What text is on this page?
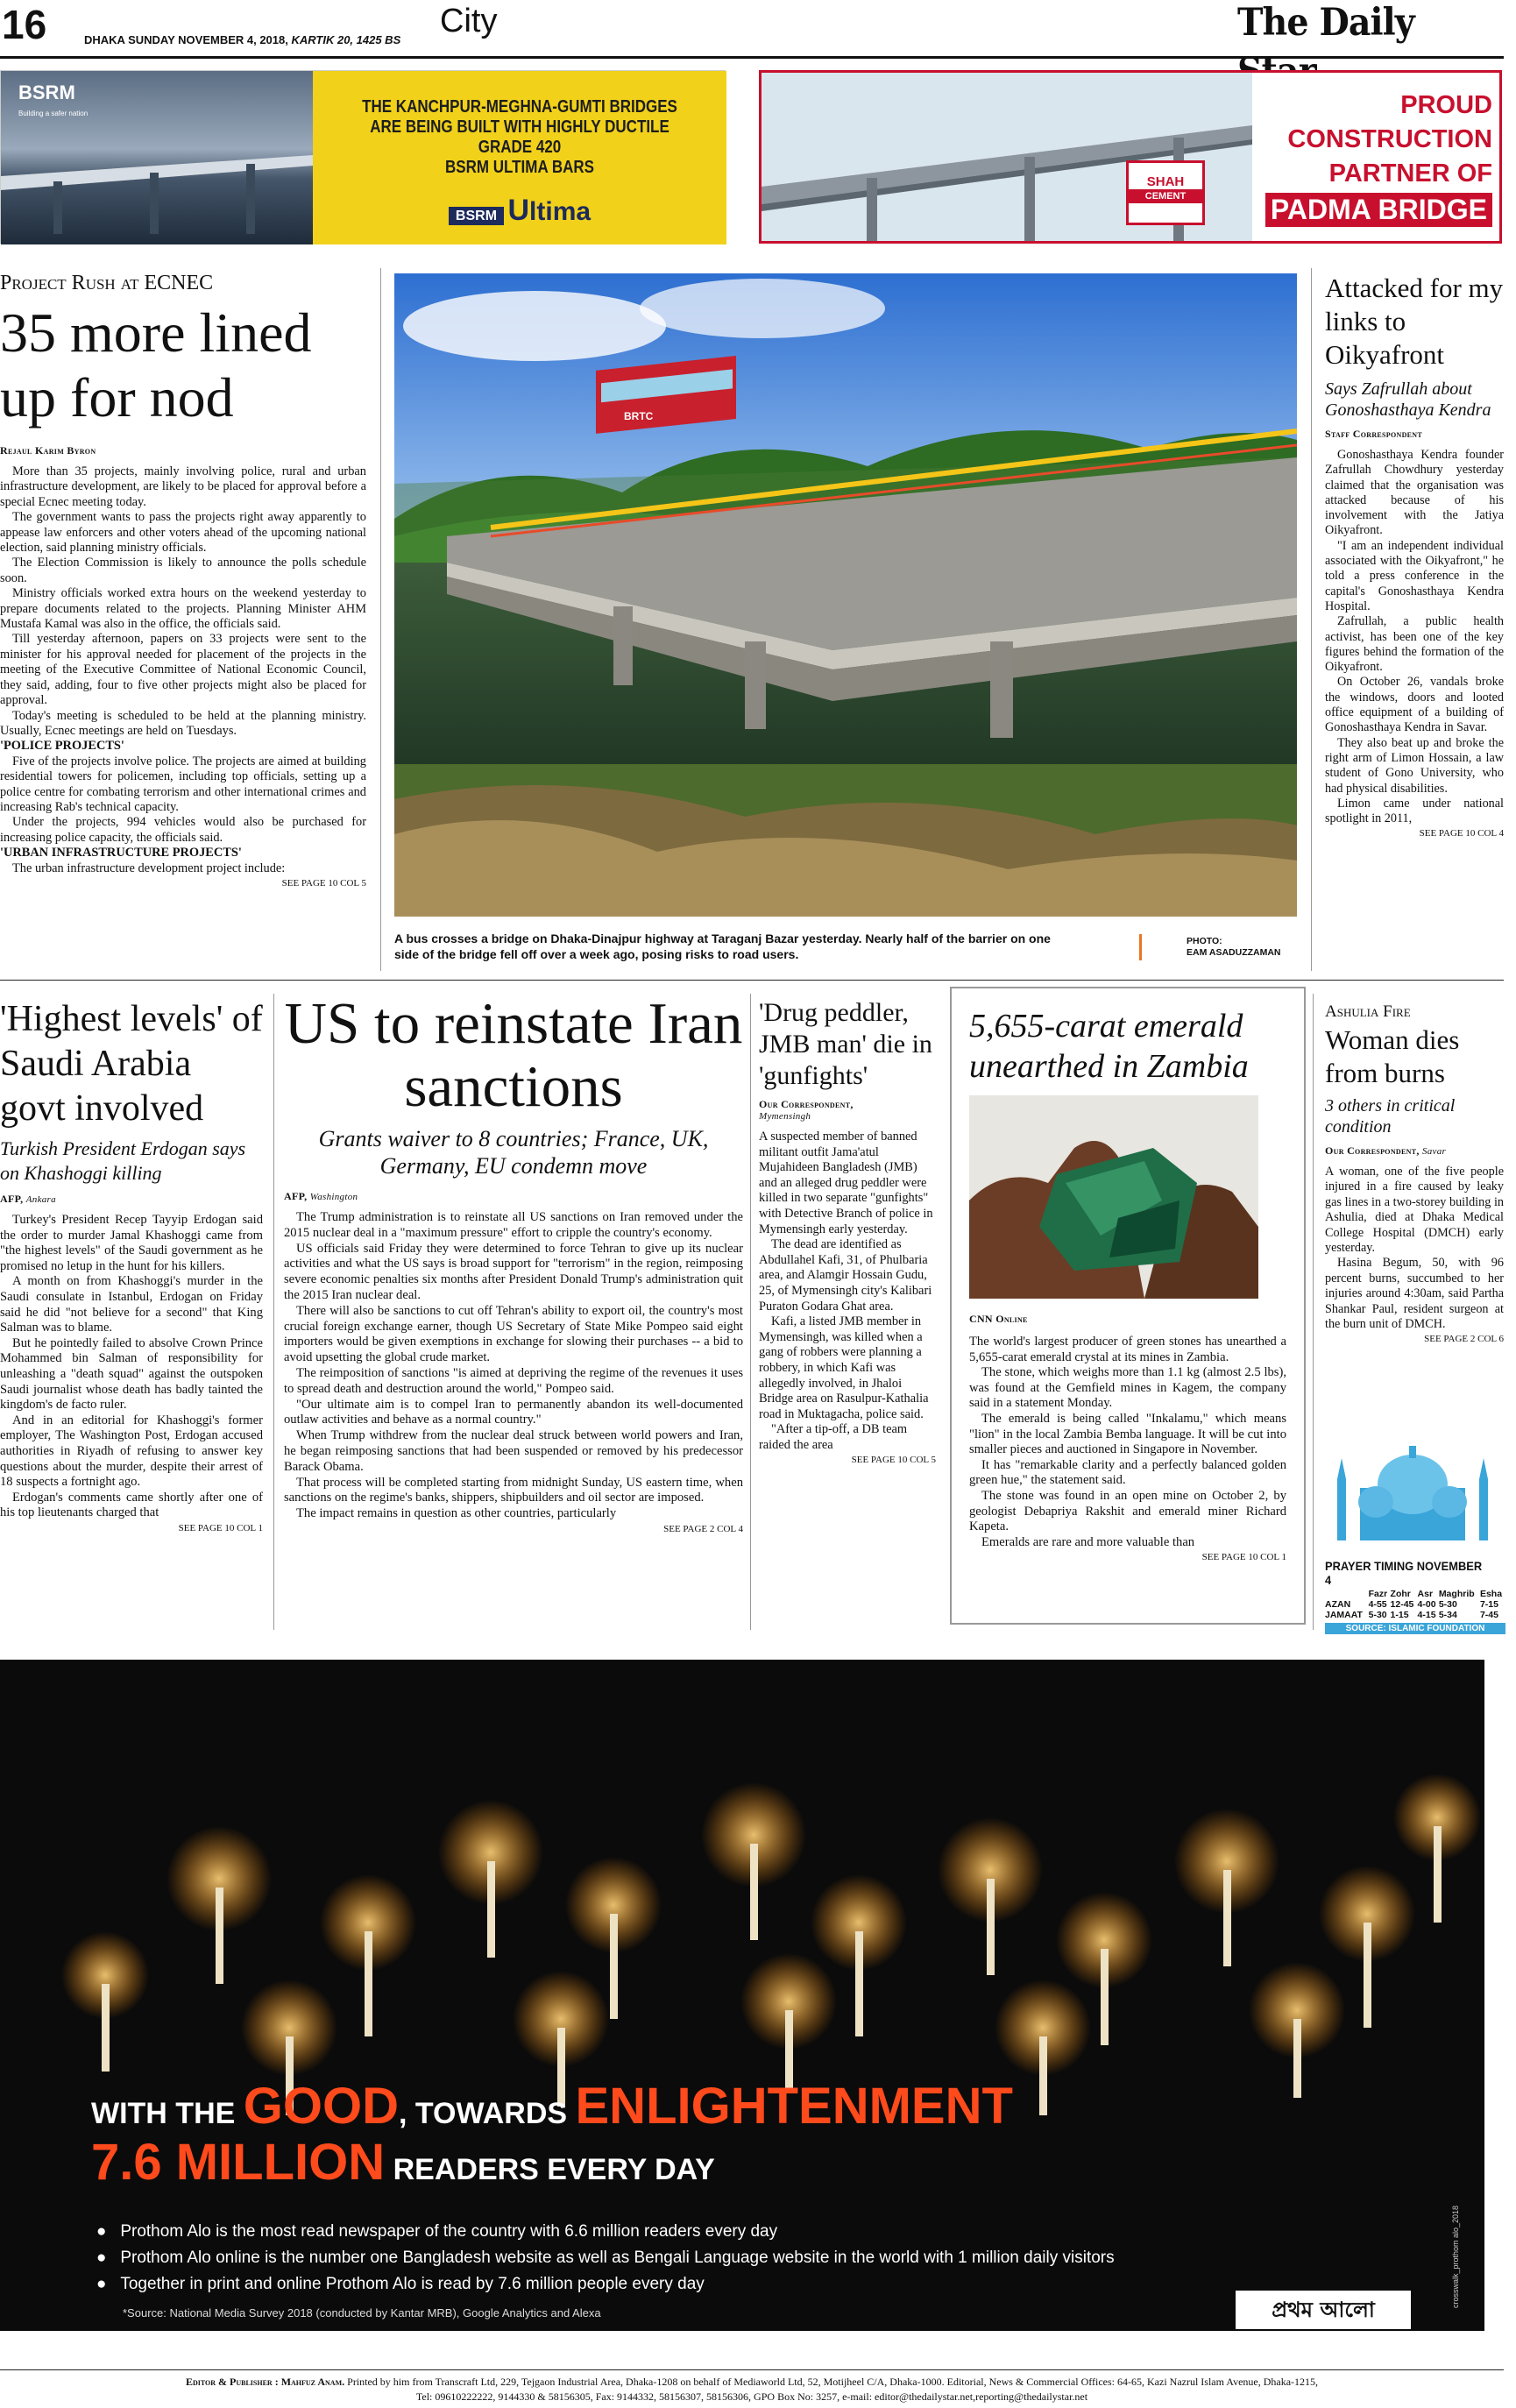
16	DHAKA SUNDAY NOVEMBER 4, 2018, KARTIK 20, 1425 BS
City	The Daily
BSRM
Building a safer nation	THE KANCHPUR-MEGHNA-GUMTI BRIDGES
ARE BEING BUILT WITH HIGHLY DUCTILE GRADE 420
BSRM ULTIMA BARS
BSRM Ultima
SHAH
CEMENT
PROUD
CONSTRUCTION
PARTNER OF
PADMA BRIDGE
Project Rush at ECNEC
35 more lined up for nod
Rejaul Karim Byron

More than 35 projects, mainly involving police, rural and urban infrastructure development, are likely to be placed for approval before a special Ecnec meeting today.

The government wants to pass the projects right away apparently to appease law enforcers and other voters ahead of the upcoming national election, said planning ministry officials.

The Election Commission is likely to announce the polls schedule soon.

Ministry officials worked extra hours on the weekend yesterday to prepare documents related to the projects. Planning Minister AHM Mustafa Kamal was also in the office, the officials said.

Till yesterday afternoon, papers on 33 projects were sent to the minister for his approval needed for placement of the projects in the meeting of the Executive Committee of National Economic Council, they said, adding, four to five other projects might also be placed for approval.

Today's meeting is scheduled to be held at the planning ministry. Usually, Ecnec meetings are held on Tuesdays.

'POLICE PROJECTS'

Five of the projects involve police. The projects are aimed at building residential towers for policemen, including top officials, setting up a police centre for combating terrorism and other international crimes and increasing Rab's technical capacity.

Under the projects, 994 vehicles would also be purchased for increasing police capacity, the officials said.

'URBAN INFRASTRUCTURE PROJECTS'

The urban infrastructure development project include:

SEE PAGE 10 COL 5
BRTC
A bus crosses a bridge on Dhaka-Dinajpur highway at Taraganj Bazar yesterday. Nearly half of the barrier on one side of the bridge fell off over a week ago, posing risks to road users.
PHOTO:
EAM ASADUZZAMAN
Attacked for my links to Oikyafront
Says Zafrullah about Gonoshasthaya Kendra
Staff Correspondent

Gonoshasthaya Kendra founder Zafrullah Chowdhury yesterday claimed that the organisation was attacked because of his involvement with the Jatiya Oikyafront.

"I am an independent individual associated with the Oikyafront," he told a press conference in the capital's Gonoshasthaya Kendra Hospital.

Zafrullah, a public health activist, has been one of the key figures behind the formation of the Oikyafront.

On October 26, vandals broke the windows, doors and looted office equipment of a building of Gonoshasthaya Kendra in Savar.

They also beat up and broke the right arm of Limon Hossain, a law student of Gono University, who had physical disabilities.

Limon came under national spotlight in 2011,

SEE PAGE 10 COL 4
'Highest levels' of Saudi Arabia govt involved
Turkish President Erdogan says on Khashoggi killing
AFP, Ankara

Turkey's President Recep Tayyip Erdogan said the order to murder Jamal Khashoggi came from "the highest levels" of the Saudi government as he promised no letup in the hunt for his killers.

A month on from Khashoggi's murder in the Saudi consulate in Istanbul, Erdogan on Friday said he did "not believe for a second" that King Salman was to blame.

But he pointedly failed to absolve Crown Prince Mohammed bin Salman of responsibility for unleashing a "death squad" against the outspoken Saudi journalist whose death has badly tainted the kingdom's de facto ruler.

And in an editorial for Khashoggi's former employer, The Washington Post, Erdogan accused authorities in Riyadh of refusing to answer key questions about the murder, despite their arrest of 18 suspects a fortnight ago.

Erdogan's comments came shortly after one of his top lieutenants charged that

SEE PAGE 10 COL 1
US to reinstate Iran sanctions
Grants waiver to 8 countries; France, UK, Germany, EU condemn move
AFP, Washington

The Trump administration is to reinstate all US sanctions on Iran removed under the 2015 nuclear deal in a "maximum pressure" effort to cripple the country's economy.

US officials said Friday they were determined to force Tehran to give up its nuclear activities and what the US says is broad support for "terrorism" in the region, reimposing severe economic penalties six months after President Donald Trump's administration quit the 2015 Iran nuclear deal.

There will also be sanctions to cut off Tehran's ability to export oil, the country's most crucial foreign exchange earner, though US Secretary of State Mike Pompeo said eight importers would be given exemptions in exchange for slowing their purchases -- a bid to avoid upsetting the global crude market.

The reimposition of sanctions "is aimed at depriving the regime of the revenues it uses to spread death and destruction around the world," Pompeo said.

"Our ultimate aim is to compel Iran to permanently abandon its well-documented outlaw activities and behave as a normal country."

When Trump withdrew from the nuclear deal struck between world powers and Iran, he began reimposing sanctions that had been suspended or removed by his predecessor Barack Obama.

That process will be completed starting from midnight Sunday, US eastern time, when sanctions on the regime's banks, shippers, shipbuilders and oil sector are imposed.

The impact remains in question as other countries, particularly

SEE PAGE 2 COL 4
'Drug peddler, JMB man' die in 'gunfights'
Our Correspondent,
Mymensingh

A suspected member of banned militant outfit Jama'atul Mujahideen Bangladesh (JMB) and an alleged drug peddler were killed in two separate "gunfights" with Detective Branch of police in Mymensingh early yesterday.

The dead are identified as Abdullahel Kafi, 31, of Phulbaria area, and Alamgir Hossain Gudu, 25, of Mymensingh city's Kalibari Puraton Godara Ghat area.

Kafi, a listed JMB member in Mymensingh, was killed when a gang of robbers were planning a robbery, in which Kafi was allegedly involved, in Jhaloi Bridge area on Rasulpur-Kathalia road in Muktagacha, police said.

"After a tip-off, a DB team raided the area

SEE PAGE 10 COL 5
5,655-carat emerald unearthed in Zambia
CNN Online

The world's largest producer of green stones has unearthed a 5,655-carat emerald crystal at its mines in Zambia.

The stone, which weighs more than 1.1 kg (almost 2.5 lbs), was found at the Gemfield mines in Kagem, the company said in a statement Monday.

The emerald is being called "Inkalamu," which means "lion" in the local Zambia Bemba language. It will be cut into smaller pieces and auctioned in Singapore in November.

It has "remarkable clarity and a perfectly balanced golden green hue," the statement said.

The stone was found in an open mine on October 2, by geologist Debapriya Rakshit and emerald miner Richard Kapeta.

Emeralds are rare and more valuable than

SEE PAGE 10 COL 1
Ashulia Fire
Woman dies from burns
3 others in critical condition
Our Correspondent, Savar

A woman, one of the five people injured in a fire caused by leaky gas lines in a two-storey building in Ashulia, died at Dhaka Medical College Hospital (DMCH) early yesterday.

Hasina Begum, 50, with 96 percent burns, succumbed to her injuries around 4:30am, said Partha Shankar Paul, resident surgeon at the burn unit of DMCH.

SEE PAGE 2 COL 6
PRAYER TIMING NOVEMBER 4
	Fazr	Zohr	Asr	Maghrib	Esha
AZAN	4-55	12-45	4-00	5-30	7-15
JAMAAT	5-30	1-15	4-15	5-34	7-45
SOURCE: ISLAMIC FOUNDATION
WITH THE GOOD, TOWARDS ENLIGHTENMENT
7.6 MILLION READERS EVERY DAY
●   Prothom Alo is the most read newspaper of the country with 6.6 million readers every day
●   Prothom Alo online is the number one Bangladesh website as well as Bengali Language website in the world with 1 million daily visitors
●   Together in print and online Prothom Alo is read by 7.6 million people every day
*Source: National Media Survey 2018 (conducted by Kantar MRB), Google Analytics and Alexa	প্রথম আলো
crosswalk_prothom alo_2018
Editor & Publisher : Mahfuz Anam. Printed by him from Transcraft Ltd, 229, Tejgaon Industrial Area, Dhaka-1208 on behalf of Mediaworld Ltd, 52, Motijheel C/A, Dhaka-1000. Editorial, News & Commercial Offices: 64-65, Kazi Nazrul Islam Avenue, Dhaka-1215,
Tel: 09610222222, 9144330 & 58156305, Fax: 9144332, 58156307, 58156306, GPO Box No: 3257, e-mail: editor@thedailystar.net,reporting@thedailystar.net
